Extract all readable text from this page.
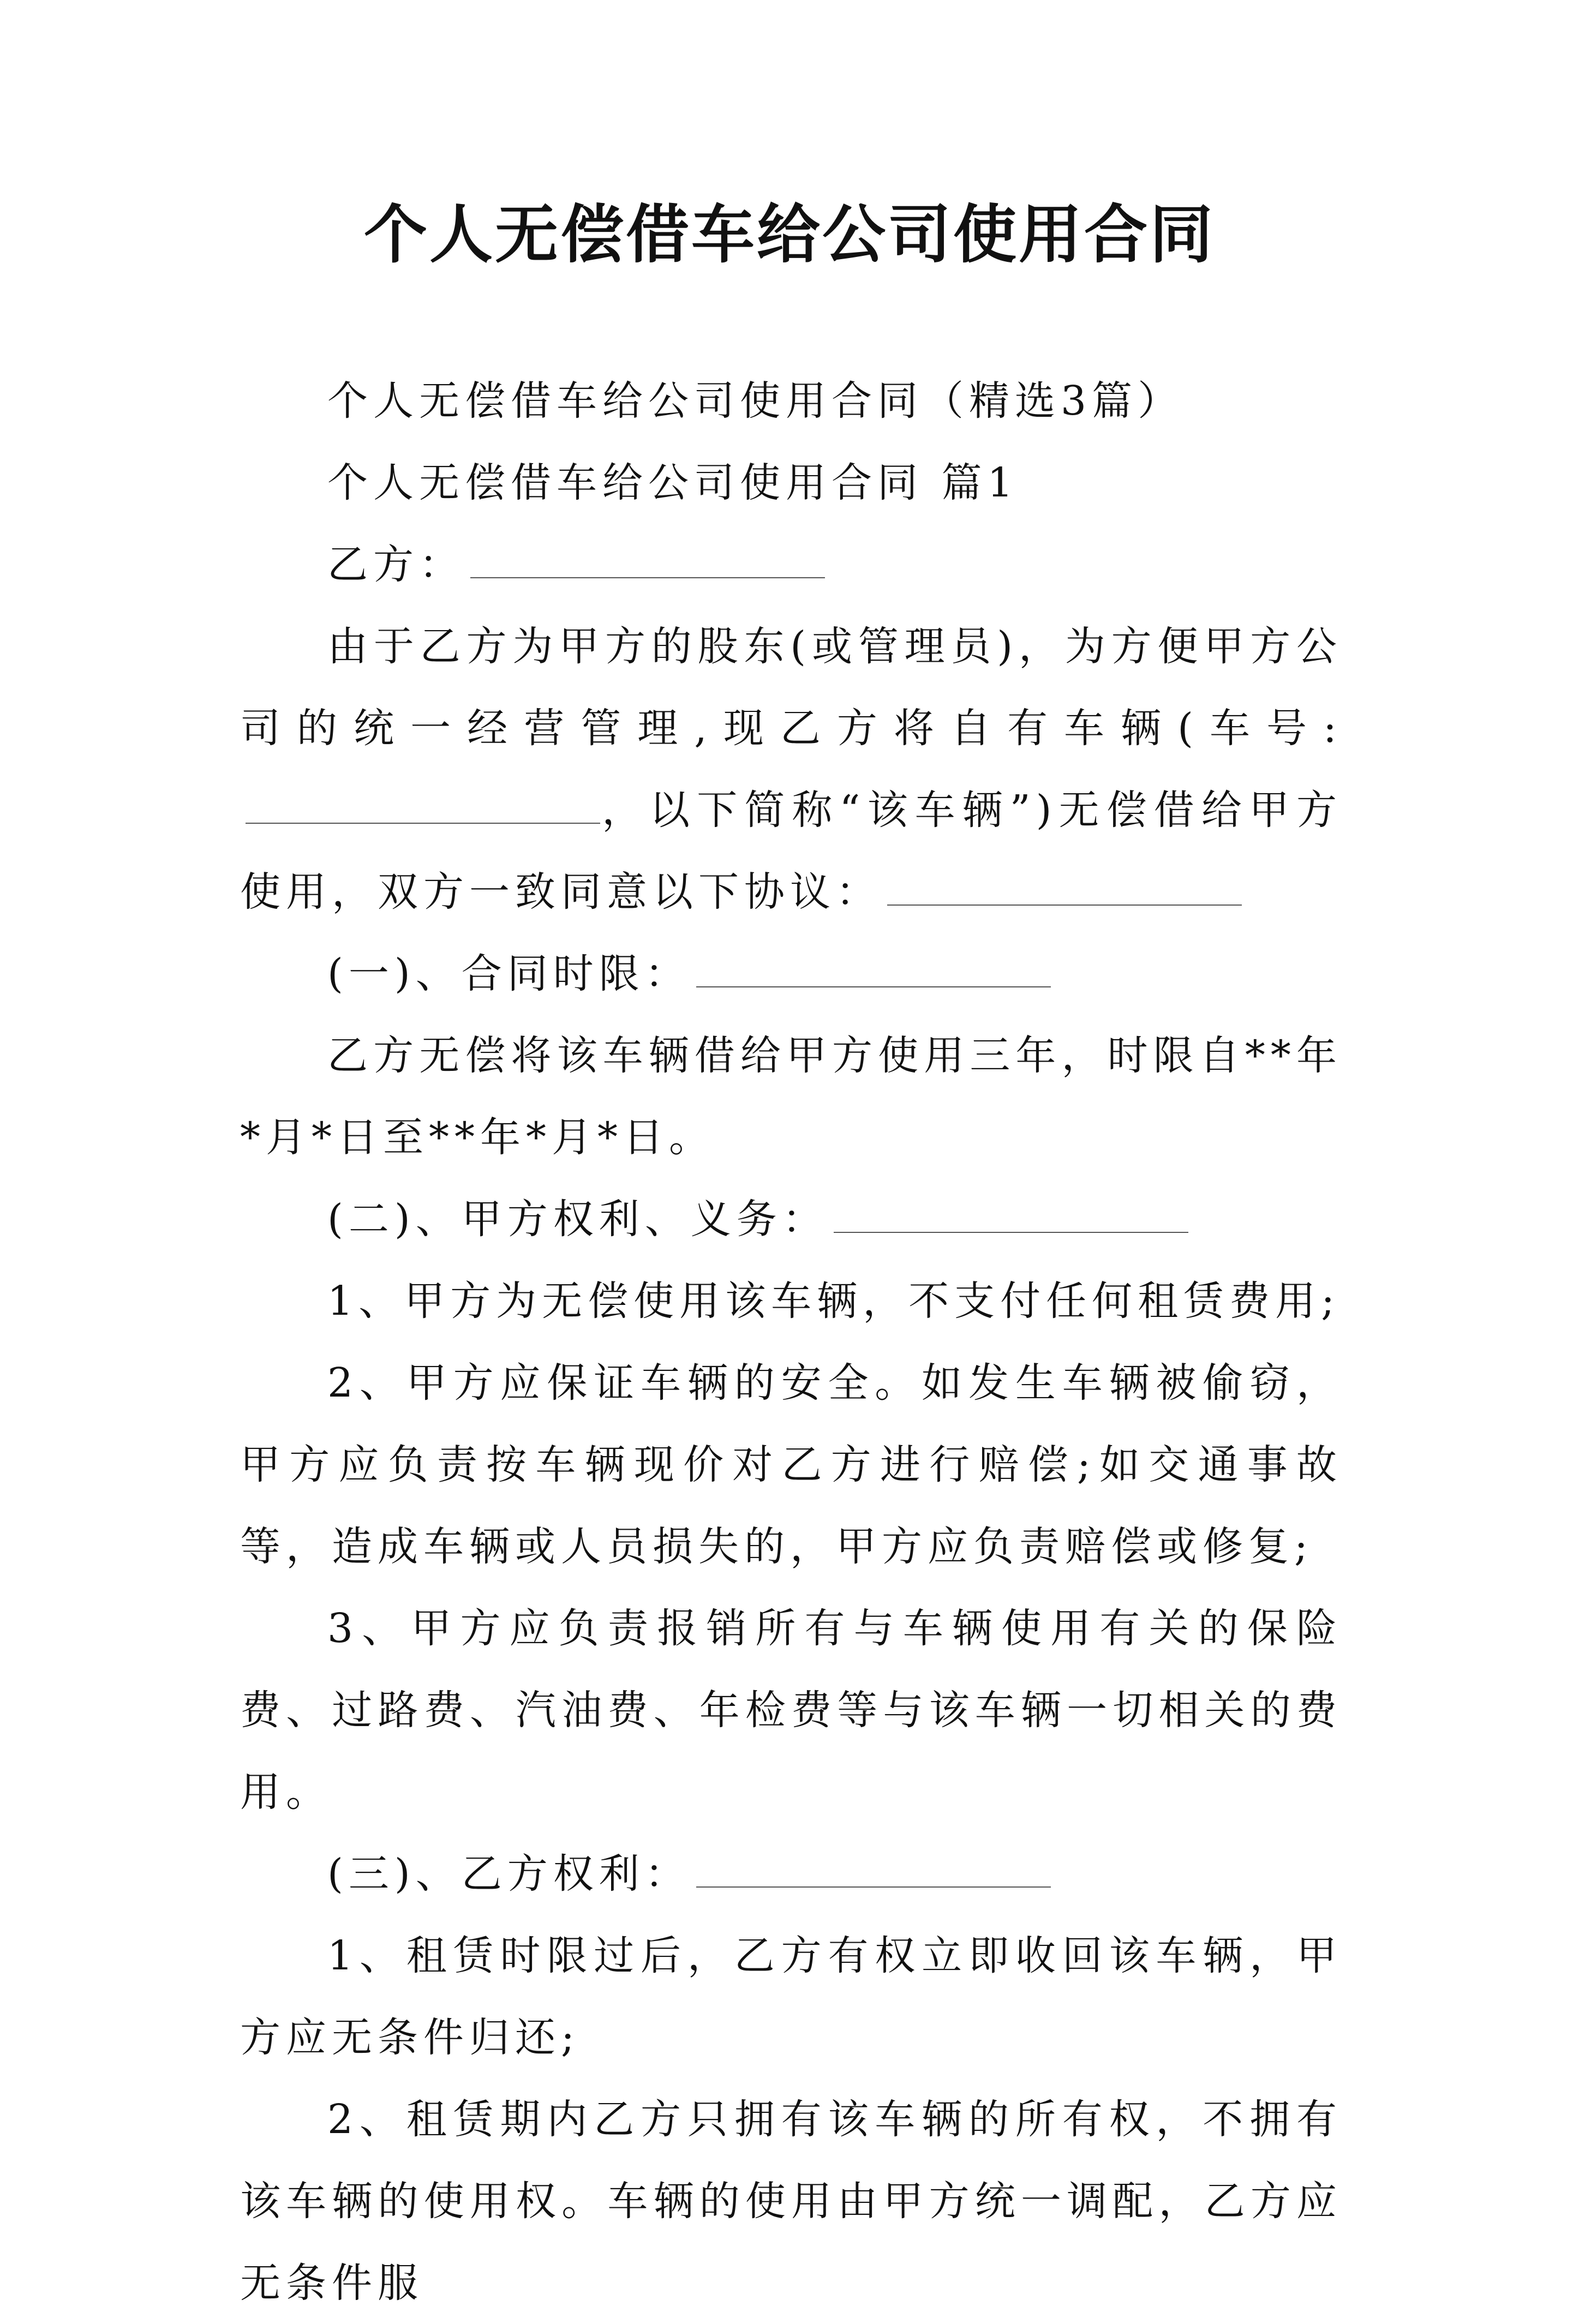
个人无偿借车给公司使用合同

个人无偿借车给公司使用合同（精选3篇）

个人无偿借车给公司使用合同 篇1

乙方：

由于乙方为甲方的股东(或管理员)，为方便甲方公司的统一经营管理,现乙方将自有车辆(车号:，以下简称“该车辆”)无偿借给甲方使用，双方一致同意以下协议：

(一)、合同时限：

乙方无偿将该车辆借给甲方使用三年，时限自**年*月*日至**年*月*日。

(二)、甲方权利、义务：

1、甲方为无偿使用该车辆，不支付任何租赁费用;

2、甲方应保证车辆的安全。如发生车辆被偷窃，甲方应负责按车辆现价对乙方进行赔偿;如交通事故等，造成车辆或人员损失的，甲方应负责赔偿或修复;

3、甲方应负责报销所有与车辆使用有关的保险费、过路费、汽油费、年检费等与该车辆一切相关的费用。

(三)、乙方权利：

1、租赁时限过后，乙方有权立即收回该车辆，甲方应无条件归还;

2、租赁期内乙方只拥有该车辆的所有权，不拥有该车辆的使用权。车辆的使用由甲方统一调配，乙方应无条件服
